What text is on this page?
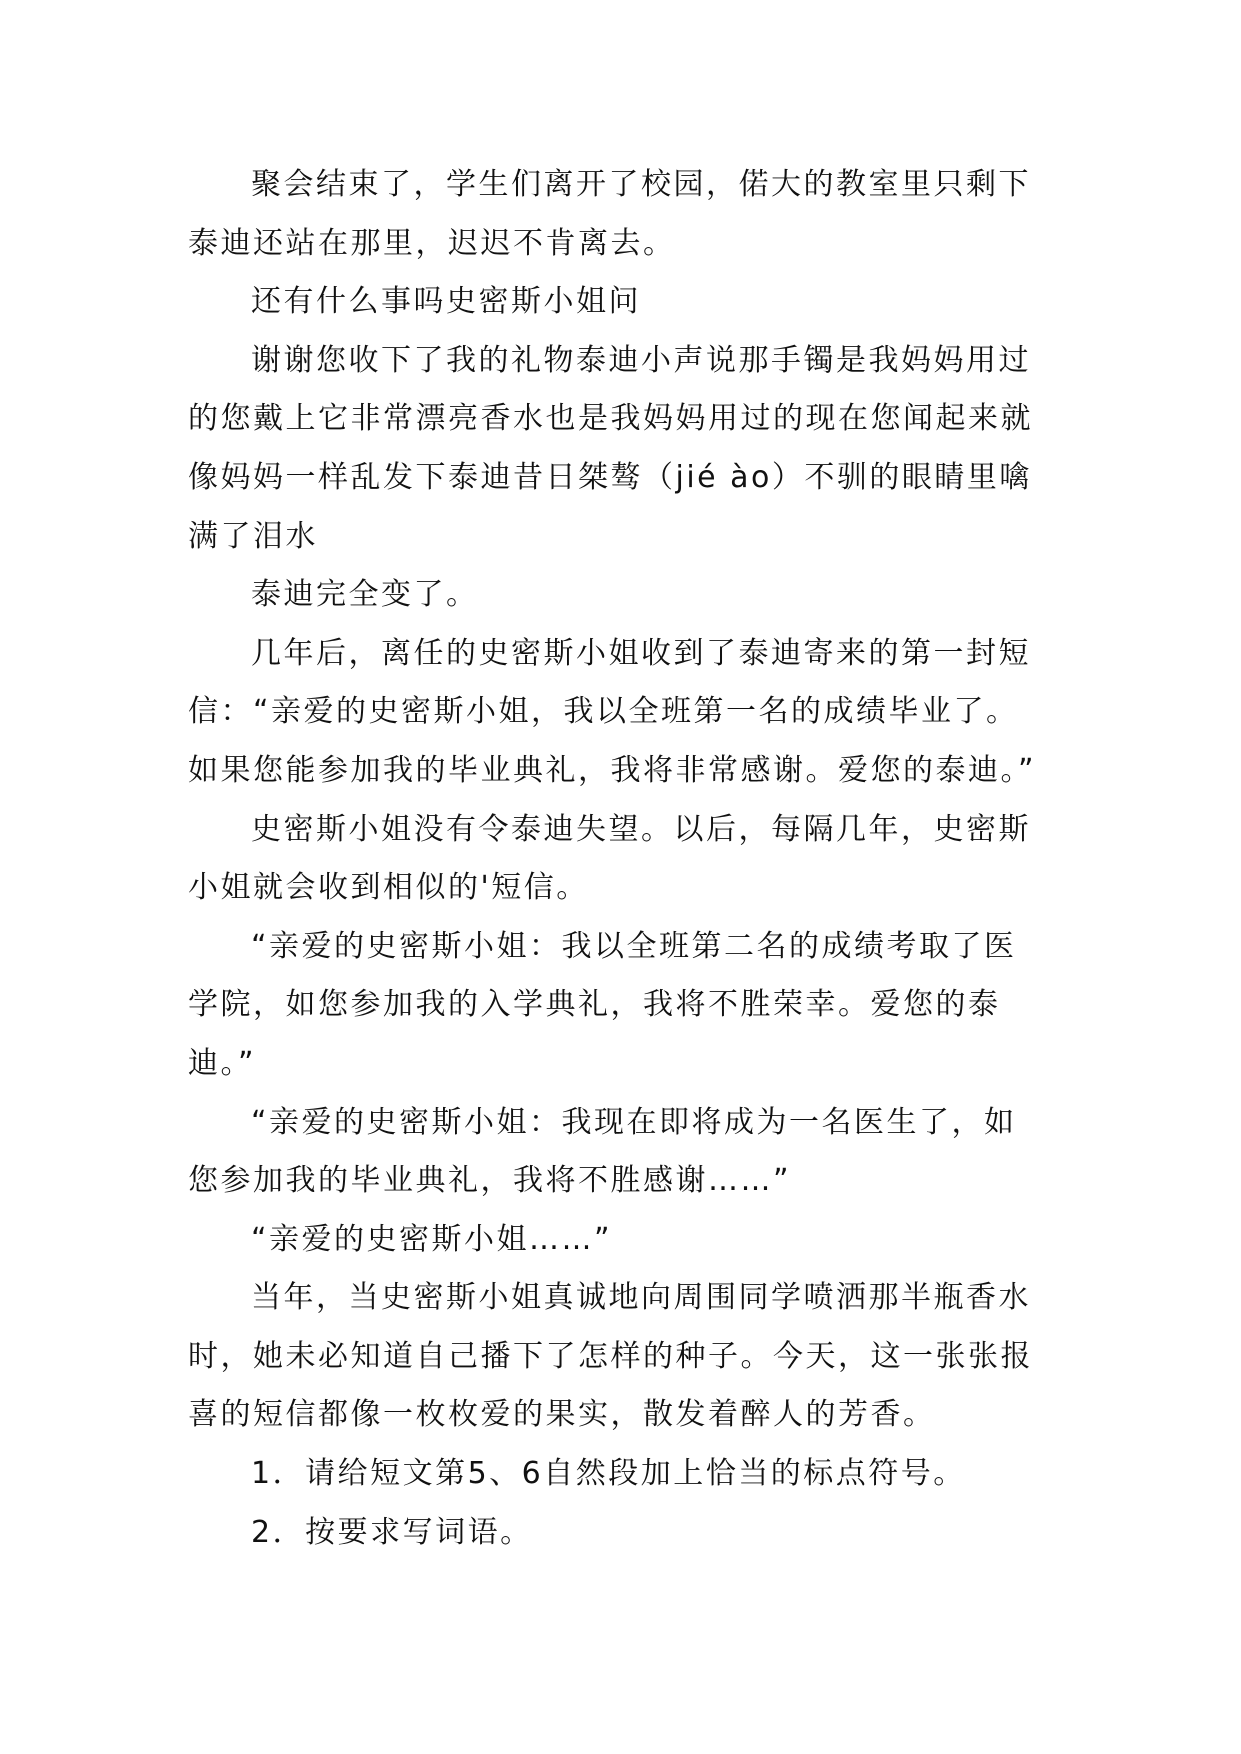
聚会结束了，学生们离开了校园，偌大的教室里只剩下泰迪还站在那里，迟迟不肯离去。

还有什么事吗史密斯小姐问

谢谢您收下了我的礼物泰迪小声说那手镯是我妈妈用过的您戴上它非常漂亮香水也是我妈妈用过的现在您闻起来就像妈妈一样乱发下泰迪昔日桀骜（jié ào）不驯的眼睛里噙满了泪水

泰迪完全变了。

几年后，离任的史密斯小姐收到了泰迪寄来的第一封短信：“亲爱的史密斯小姐，我以全班第一名的成绩毕业了。如果您能参加我的毕业典礼，我将非常感谢。爱您的泰迪。”

史密斯小姐没有令泰迪失望。以后，每隔几年，史密斯小姐就会收到相似的'短信。

“亲爱的史密斯小姐：我以全班第二名的成绩考取了医学院，如您参加我的入学典礼，我将不胜荣幸。爱您的泰迪。”

“亲爱的史密斯小姐：我现在即将成为一名医生了，如您参加我的毕业典礼，我将不胜感谢……”

“亲爱的史密斯小姐……”

当年，当史密斯小姐真诚地向周围同学喷洒那半瓶香水时，她未必知道自己播下了怎样的种子。今天，这一张张报喜的短信都像一枚枚爱的果实，散发着醉人的芳香。

1．请给短文第5、6自然段加上恰当的标点符号。

2．按要求写词语。
